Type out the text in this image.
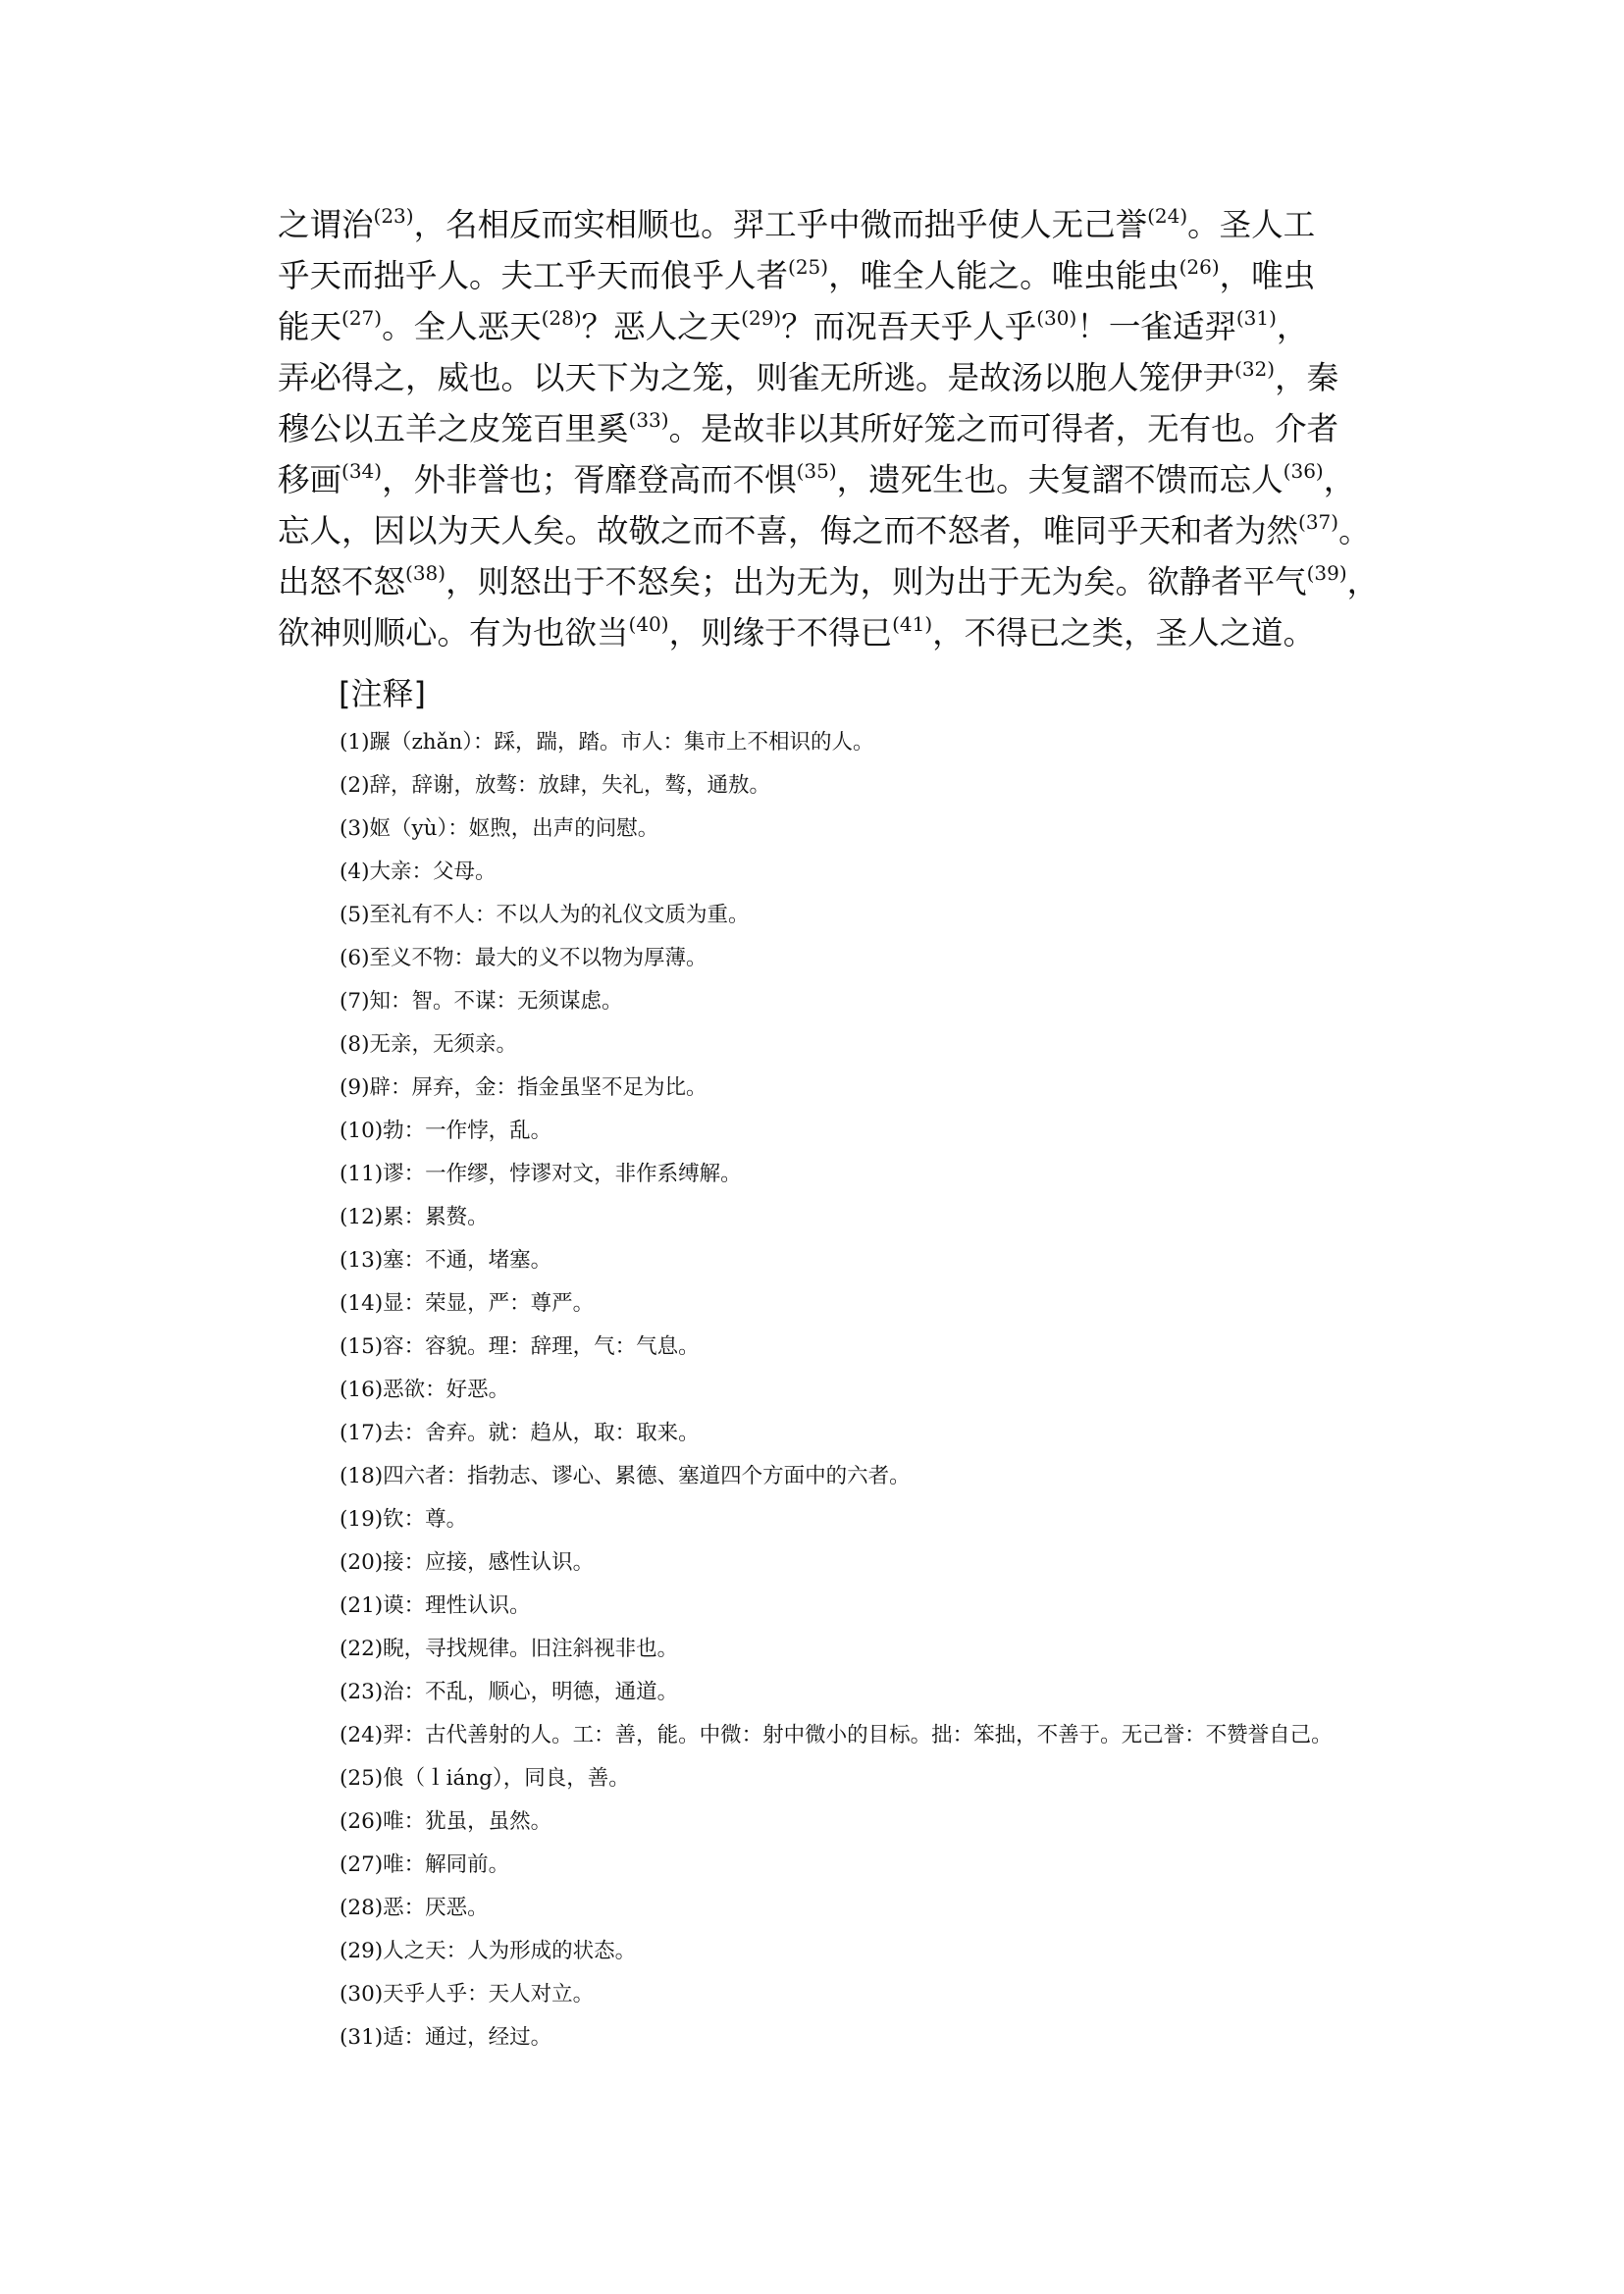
之谓治$^{(23)}$，名相反而实相顺也。羿工乎中微而拙乎使人无己誉$^{(24)}$。圣人工
乎天而拙乎人。夫工乎天而俍乎人者$^{(25)}$，唯全人能之。唯虫能虫$^{(26)}$，唯虫
能天$^{(27)}$。全人恶天$^{(28)}$？恶人之天$^{(29)}$？而况吾天乎人乎$^{(30)}$！一雀适羿$^{(31)}$，
弄必得之，威也。以天下为之笼，则雀无所逃。是故汤以胞人笼伊尹$^{(32)}$，秦
穆公以五羊之皮笼百里奚$^{(33)}$。是故非以其所好笼之而可得者，无有也。介者
移画$^{(34)}$，外非誉也；胥靡登高而不惧$^{(35)}$，遗死生也。夫复謵不馈而忘人$^{(36)}$，
忘人，因以为天人矣。故敬之而不喜，侮之而不怒者，唯同乎天和者为然$^{(37)}$。
出怒不怒$^{(38)}$，则怒出于不怒矣；出为无为，则为出于无为矣。欲静者平气$^{(39)}$，
欲神则顺心。有为也欲当$^{(40)}$，则缘于不得已$^{(41)}$，不得已之类，圣人之道。
[注释]
(1)蹍（zhǎn）：踩，踹，踏。市人：集市上不相识的人。
(2)辞，辞谢，放骜：放肆，失礼，骜，通敖。
(3)妪（yù）：妪煦，出声的问慰。
(4)大亲：父母。
(5)至礼有不人：不以人为的礼仪文质为重。
(6)至义不物：最大的义不以物为厚薄。
(7)知：智。不谋：无须谋虑。
(8)无亲，无须亲。
(9)辟：屏弃，金：指金虽坚不足为比。
(10)勃：一作悖，乱。
(11)谬：一作缪，悖谬对文，非作系缚解。
(12)累：累赘。
(13)塞：不通，堵塞。
(14)显：荣显，严：尊严。
(15)容：容貌。理：辞理，气：气息。
(16)恶欲：好恶。
(17)去：舍弃。就：趋从，取：取来。
(18)四六者：指勃志、谬心、累德、塞道四个方面中的六者。
(19)钦：尊。
(20)接：应接，感性认识。
(21)谟：理性认识。
(22)睨，寻找规律。旧注斜视非也。
(23)治：不乱，顺心，明德，通道。
(24)羿：古代善射的人。工：善，能。中微：射中微小的目标。拙：笨拙，不善于。无己誉：不赞誉自己。
(25)俍（ｌiáng），同良，善。
(26)唯：犹虽，虽然。
(27)唯：解同前。
(28)恶：厌恶。
(29)人之天：人为形成的状态。
(30)天乎人乎：天人对立。
(31)适：通过，经过。
